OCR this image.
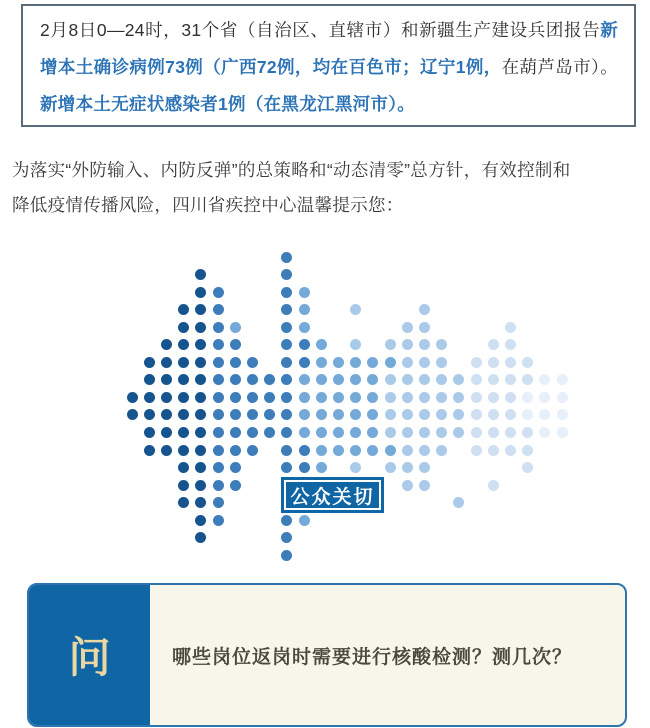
2月8日0—24时，31个省（自治区、直辖市）和新疆生产建设兵团报告新增本土确诊病例73例（广西72例，均在百色市；辽宁1例，在葫芦岛市）。新增本土无症状感染者1例（在黑龙江黑河市）。

为落实“外防输入、内防反弹”的总策略和“动态清零”总方针，有效控制和
降低疫情传播风险，四川省疾控中心温馨提示您：

公众关切
问	哪些岗位返岗时需要进行核酸检测？测几次？
